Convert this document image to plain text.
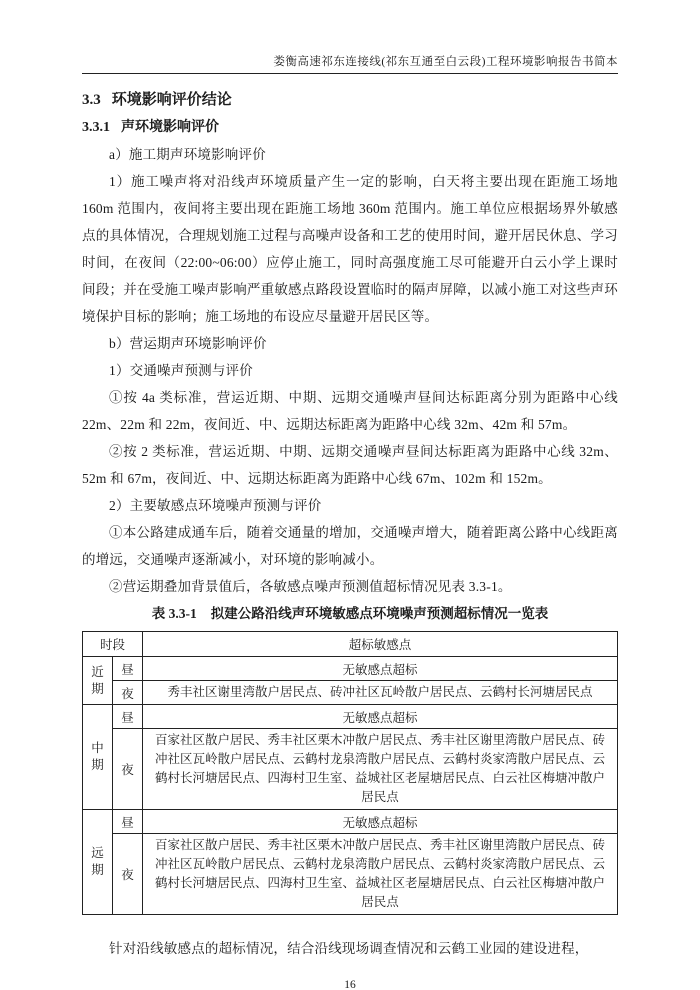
娄衡高速祁东连接线(祁东互通至白云段)工程环境影响报告书简本
3.3 环境影响评价结论
3.3.1 声环境影响评价

a）施工期声环境影响评价

1）施工噪声将对沿线声环境质量产生一定的影响，白天将主要出现在距施工场地 160m 范围内，夜间将主要出现在距施工场地 360m 范围内。施工单位应根据场界外敏感点的具体情况，合理规划施工过程与高噪声设备和工艺的使用时间，避开居民休息、学习时间，在夜间（22:00~06:00）应停止施工，同时高强度施工尽可能避开白云小学上课时间段；并在受施工噪声影响严重敏感点路段设置临时的隔声屏障，以减小施工对这些声环境保护目标的影响；施工场地的布设应尽量避开居民区等。

b）营运期声环境影响评价

1）交通噪声预测与评价

①按 4a 类标准，营运近期、中期、远期交通噪声昼间达标距离分别为距路中心线 22m、22m 和 22m，夜间近、中、远期达标距离为距路中心线 32m、42m 和 57m。

②按 2 类标准，营运近期、中期、远期交通噪声昼间达标距离为距路中心线 32m、52m 和 67m，夜间近、中、远期达标距离为距路中心线 67m、102m 和 152m。

2）主要敏感点环境噪声预测与评价

①本公路建成通车后，随着交通量的增加，交通噪声增大，随着距离公路中心线距离的增远，交通噪声逐渐减小，对环境的影响减小。

②营运期叠加背景值后，各敏感点噪声预测值超标情况见表 3.3-1。

表 3.3-1 拟建公路沿线声环境敏感点环境噪声预测超标情况一览表
时段		超标敏感点
近期	昼	无敏感点超标
	夜	秀丰社区谢里湾散户居民点、砖冲社区瓦岭散户居民点、云鹤村长河塘居民点
中期	昼	无敏感点超标
	夜	百家社区散户居民、秀丰社区栗木冲散户居民点、秀丰社区谢里湾散户居民点、砖冲社区瓦岭散户居民点、云鹤村龙泉湾散户居民点、云鹤村炎家湾散户居民点、云鹤村长河塘居民点、四海村卫生室、益城社区老屋塘居民点、白云社区梅塘冲散户居民点
远期	昼	无敏感点超标
	夜	百家社区散户居民、秀丰社区栗木冲散户居民点、秀丰社区谢里湾散户居民点、砖冲社区瓦岭散户居民点、云鹤村龙泉湾散户居民点、云鹤村炎家湾散户居民点、云鹤村长河塘居民点、四海村卫生室、益城社区老屋塘居民点、白云社区梅塘冲散户居民点

针对沿线敏感点的超标情况，结合沿线现场调查情况和云鹤工业园的建设进程，

16
